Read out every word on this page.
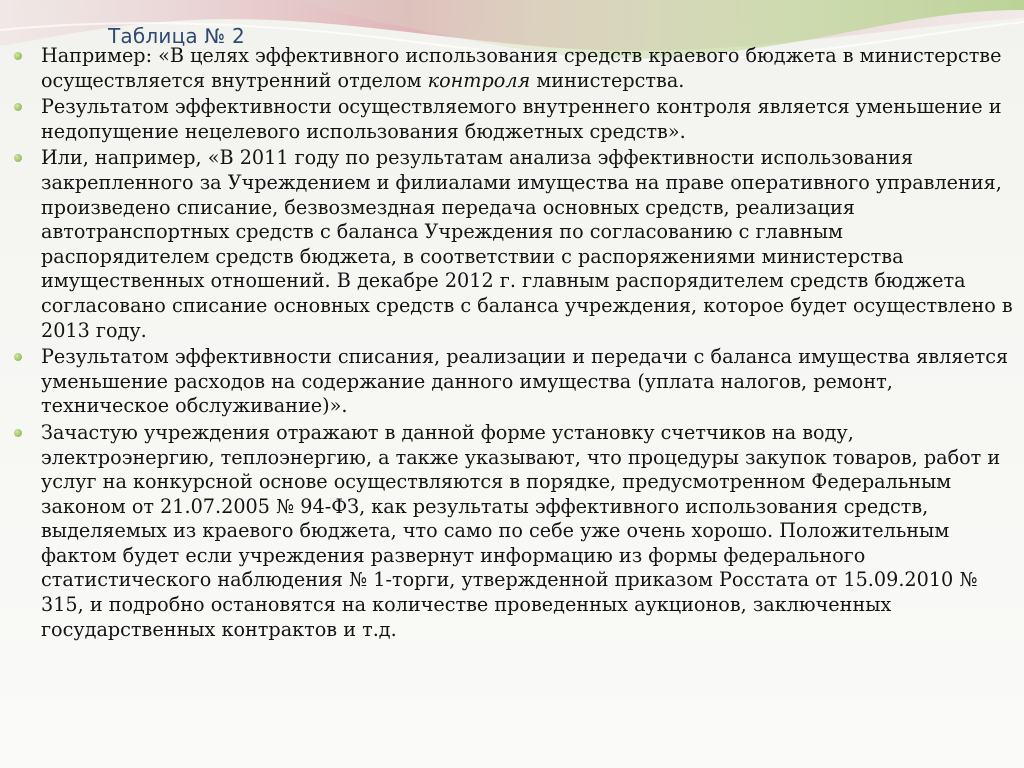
Таблица № 2
Например: «В целях эффективного использования средств краевого бюджета в министерстве осуществляется внутренний отделом контроля министерства.
Результатом эффективности осуществляемого внутреннего контроля является уменьшение и недопущение нецелевого использования бюджетных средств».
Или, например, «В 2011 году по результатам анализа эффективности использования закрепленного за Учреждением и филиалами имущества на праве оперативного управления, произведено списание, безвозмездная передача основных средств, реализация автотранспортных средств с баланса Учреждения по согласованию с главным распорядителем средств бюджета, в соответствии с распоряжениями министерства имущественных отношений. В декабре 2012 г. главным распорядителем средств бюджета согласовано списание основных средств с баланса учреждения, которое будет осуществлено в 2013 году.
Результатом эффективности списания, реализации и передачи с баланса имущества является уменьшение расходов на содержание данного имущества (уплата налогов, ремонт, техническое обслуживание)».
Зачастую учреждения отражают в данной форме установку счетчиков на воду, электроэнергию, теплоэнергию, а также указывают, что процедуры закупок товаров, работ и услуг на конкурсной основе осуществляются в порядке, предусмотренном Федеральным законом от 21.07.2005 № 94-ФЗ, как результаты эффективного использования средств, выделяемых из краевого бюджета, что само по себе уже очень хорошо. Положительным фактом будет если учреждения развернут информацию из формы федерального статистического наблюдения № 1-торги, утвержденной приказом Росстата от 15.09.2010 № 315, и подробно остановятся на количестве проведенных аукционов, заключенных государственных контрактов и т.д.
